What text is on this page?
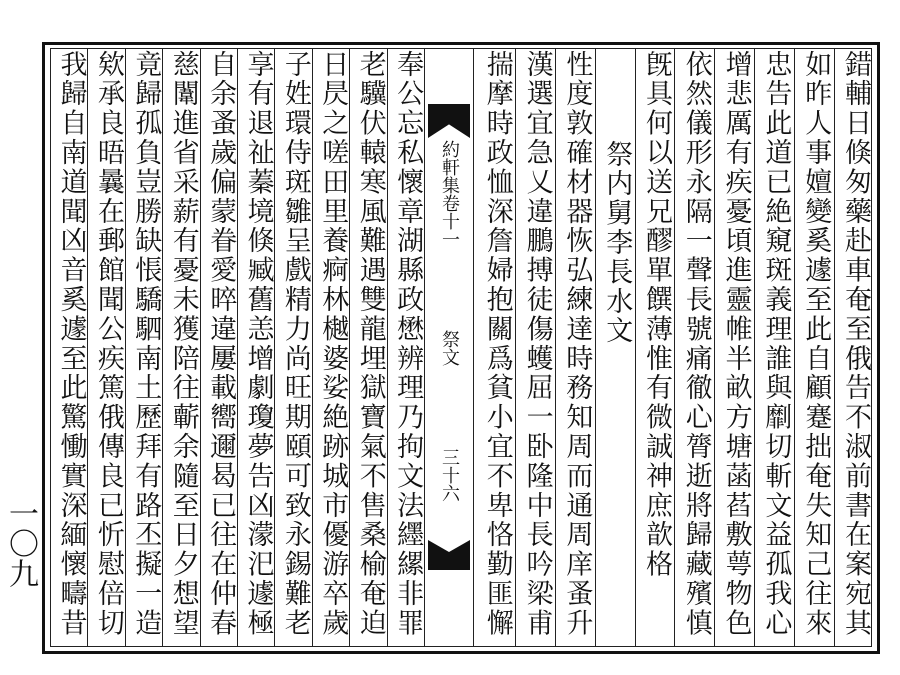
約軒集卷十一
祭文
三十六
一〇九	錯輔日倏匆藥赴車奄至俄告不淑前書在案宛其
如昨人事嬗變奚遽至此自顧蹇拙奄失知己往來
忠告此道已絶窺斑義理誰與劘切斬文益孤我心
增悲厲有疾憂頃進靈帷半畝方塘菡萏敷萼物色
依然儀形永隔一聲長號痛徹心膂逝將歸藏殯慎
旣具何以送兄醪單饌薄惟有微誠神庶歆格
祭内舅李長水文
性度敦確材器恢弘練達時務知周而通周庠蚤升
漢選宜急乂違鵬搏徒傷蠖屈一卧隆中長吟梁甫
揣摩時政恤深詹婦抱關爲貧小宜不卑恪勤匪懈
奉公忘私懷章湖縣政懋辨理乃拘文法纆縲非罪
老驥伏轅寒風難遇雙龍埋獄寶氣不售桑榆奄迫
日昃之嗟田里養痾林樾婆娑絶跡城市優游卒歲
子姓環侍斑雛呈戲精力尚旺期頤可致永錫難老
享有退祉蓁境倏臧舊恙增劇瓊夢告凶濛汜遽極
自余蚤歲偏蒙眷愛晬違屢載嚮邇曷已往在仲春
慈闈進省采薪有憂未獲陪往蘄余隨至日夕想望
竟歸孤負豈勝缺悵驕駟南土歷拜有路丕擬一造
欸承良晤曩在郵館聞公疾篤俄傳良已忻慰倍切
我歸自南道聞凶音奚遽至此驚慟實深緬懷疇昔
